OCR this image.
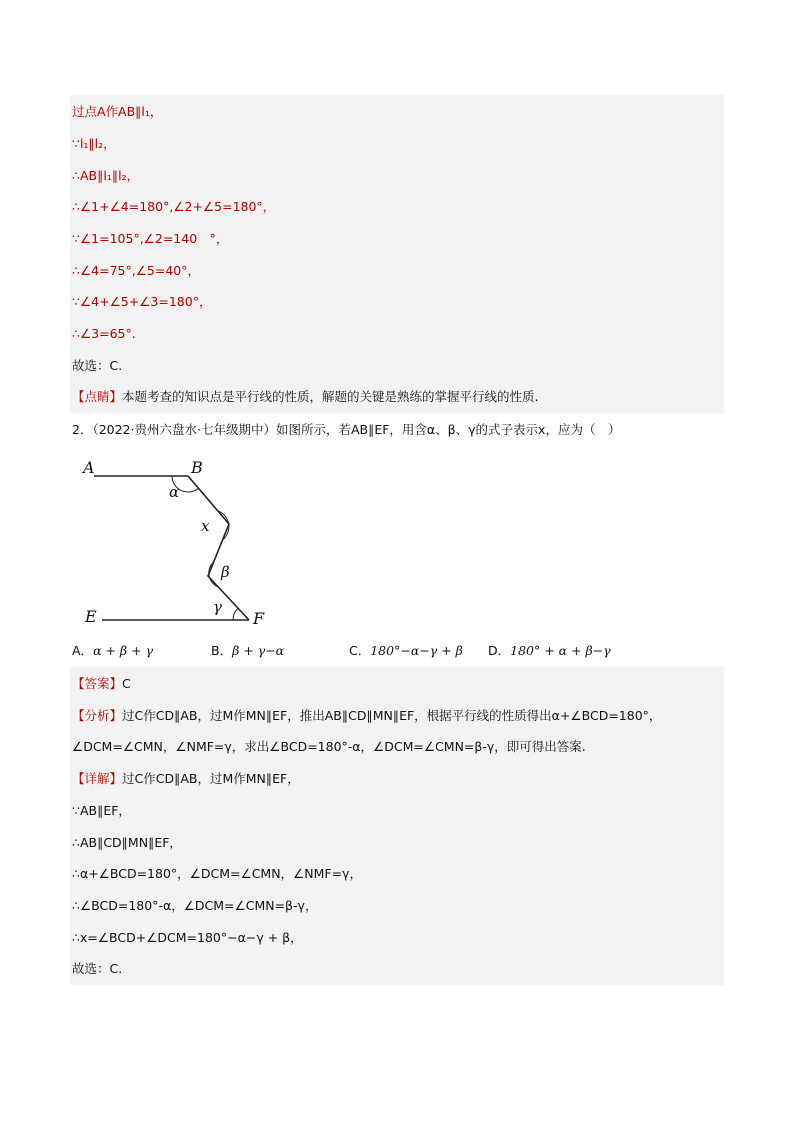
过点A作AB∥l₁，
∵l₁∥l₂，
∴AB∥l₁∥l₂，
∴∠1+∠4=180°,∠2+∠5=180°，
∵∠1=105°,∠2=140　°，
∴∠4=75°,∠5=40°，
∵∠4+∠5+∠3=180°，
∴∠3=65°.
故选：C.
【点睛】本题考查的知识点是平行线的性质，解题的关键是熟练的掌握平行线的性质.
2．（2022·贵州六盘水·七年级期中）如图所示，若AB∥EF，用含α、β、γ的式子表示x，应为（　）
A	B
E	F
α
x
β
γ
A．α + β + γ	B．β + γ−α	C．180°−α−γ + β D．180° + α + β−γ
【答案】C
【分析】过C作CD∥AB，过M作MN∥EF，推出AB∥CD∥MN∥EF，根据平行线的性质得出α+∠BCD=180°，
∠DCM=∠CMN，∠NMF=γ，求出∠BCD=180°-α，∠DCM=∠CMN=β-γ，即可得出答案.
【详解】过C作CD∥AB，过M作MN∥EF，
∵AB∥EF，
∴AB∥CD∥MN∥EF，
∴α+∠BCD=180°，∠DCM=∠CMN，∠NMF=γ，
∴∠BCD=180°-α，∠DCM=∠CMN=β-γ，
∴x=∠BCD+∠DCM=180°−α−γ + β，
故选：C.
